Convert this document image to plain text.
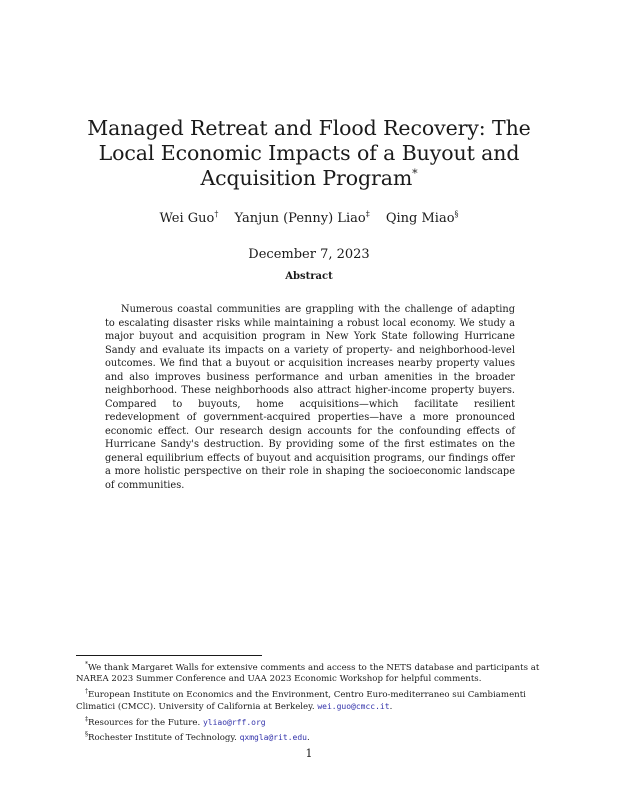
Managed Retreat and Flood Recovery: The Local Economic Impacts of a Buyout and Acquisition Program*
Wei Guo† Yanjun (Penny) Liao‡ Qing Miao§
December 7, 2023
Abstract

Numerous coastal communities are grappling with the challenge of adapting to escalating disaster risks while maintaining a robust local economy. We study a major buyout and acquisition program in New York State following Hurricane Sandy and evaluate its impacts on a variety of property- and neighborhood-level outcomes. We find that a buyout or acquisition increases nearby property values and also improves business performance and urban amenities in the broader neighborhood. These neighborhoods also attract higher-income property buyers. Compared to buyouts, home acquisitions—which facilitate resilient redevelopment of government-acquired properties—have a more pronounced economic effect. Our research design accounts for the confounding effects of Hurricane Sandy's destruction. By providing some of the first estimates on the general equilibrium effects of buyout and acquisition programs, our findings offer a more holistic perspective on their role in shaping the socioeconomic landscape of communities.

*We thank Margaret Walls for extensive comments and access to the NETS database and participants at NAREA 2023 Summer Conference and UAA 2023 Economic Workshop for helpful comments.
†European Institute on Economics and the Environment, Centro Euro-mediterraneo sui Cambiamenti Climatici (CMCC). University of California at Berkeley. wei.guo@cmcc.it.
‡Resources for the Future. yliao@rff.org
§Rochester Institute of Technology. qxmgla@rit.edu.
1
